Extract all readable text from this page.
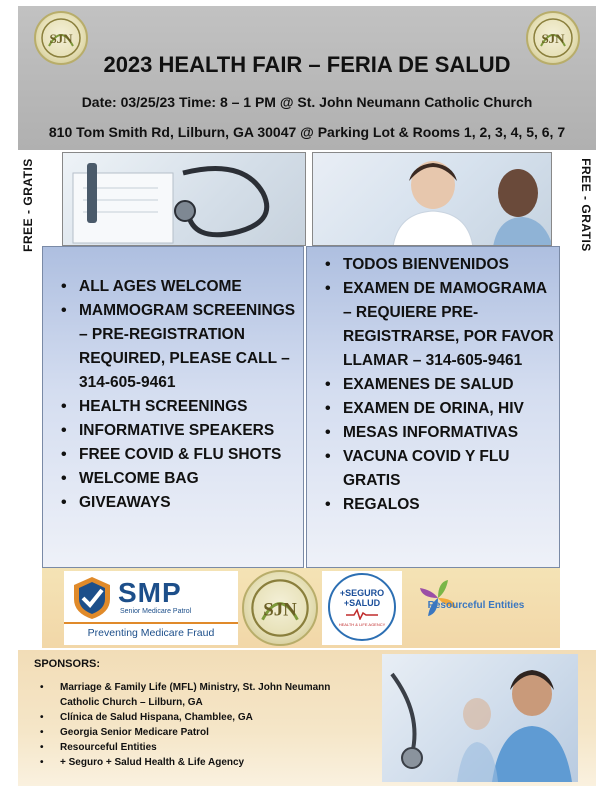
SJN	SJN
2023 HEALTH FAIR – FERIA DE SALUD
Date: 03/25/23 Time: 8 – 1 PM @ St. John Neumann Catholic Church
810 Tom Smith Rd, Lilburn, GA 30047 @ Parking Lot & Rooms 1, 2, 3, 4, 5, 6, 7
FREE - GRATIS	FREE - GRATIS
• ALL AGES WELCOME
• MAMMOGRAM SCREENINGS – PRE-REGISTRATION REQUIRED, PLEASE CALL – 314-605-9461
• HEALTH SCREENINGS
• INFORMATIVE SPEAKERS
• FREE COVID & FLU SHOTS
• WELCOME BAG
• GIVEAWAYS
• TODOS BIENVENIDOS
• EXAMEN DE MAMOGRAMA – REQUIERE PRE-REGISTRARSE, POR FAVOR LLAMAR – 314-605-9461
• EXAMENES DE SALUD
• EXAMEN DE ORINA, HIV
• MESAS INFORMATIVAS
• VACUNA COVID Y FLU GRATIS
• REGALOS
SMP
Senior Medicare Patrol
Preventing Medicare Fraud
SJN
+SEGURO
+SALUD
HEALTH & LIFE AGENCY
Resourceful Entities
SPONSORS:
• Marriage & Family Life (MFL) Ministry, St. John Neumann Catholic Church – Lilburn, GA
• Clínica de Salud Hispana, Chamblee, GA
• Georgia Senior Medicare Patrol
• Resourceful Entities
• + Seguro + Salud Health & Life Agency
